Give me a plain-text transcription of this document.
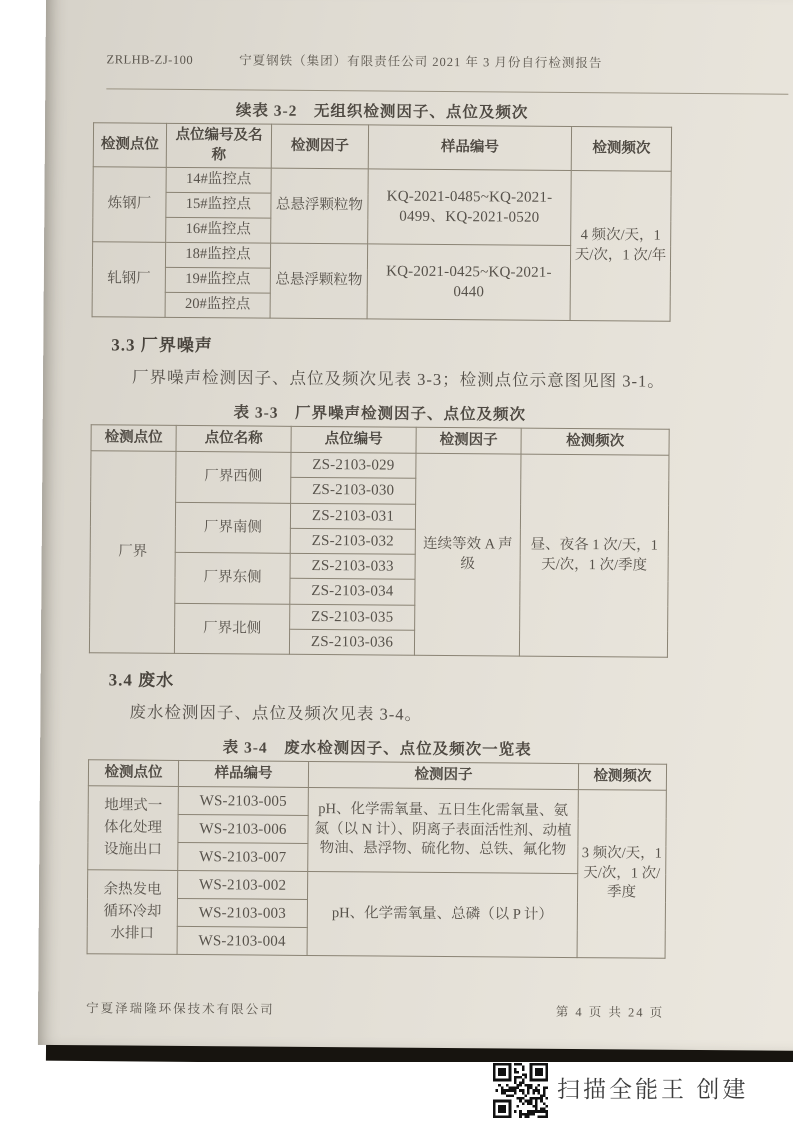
ZRLHB-ZJ-100	宁夏钢铁（集团）有限责任公司 2021 年 3 月份自行检测报告
续表 3-2　无组织检测因子、点位及频次
检测点位	点位编号及名称	检测因子	样品编号	检测频次
炼钢厂	14#监控点	总悬浮颗粒物	KQ-2021-0485~KQ-2021-0499、KQ-2021-0520	4 频次/天，1 天/次，1 次/年
	15#监控点			
	16#监控点			
轧钢厂	18#监控点	总悬浮颗粒物	KQ-2021-0425~KQ-2021-0440	
	19#监控点			
	20#监控点			
3.3 厂界噪声

厂界噪声检测因子、点位及频次见表 3-3；检测点位示意图见图 3-1。

表 3-3　厂界噪声检测因子、点位及频次
检测点位	点位名称	点位编号	检测因子	检测频次
厂界	厂界西侧	ZS-2103-029	连续等效 A 声级	昼、夜各 1 次/天，1 天/次，1 次/季度
		ZS-2103-030		
	厂界南侧	ZS-2103-031		
		ZS-2103-032		
	厂界东侧	ZS-2103-033		
		ZS-2103-034		
	厂界北侧	ZS-2103-035		
		ZS-2103-036		
3.4 废水

废水检测因子、点位及频次见表 3-4。

表 3-4　废水检测因子、点位及频次一览表
检测点位	样品编号	检测因子	检测频次
地埋式一体化处理设施出口	WS-2103-005	pH、化学需氧量、五日生化需氧量、氨氮（以 N 计）、阴离子表面活性剂、动植物油、悬浮物、硫化物、总铁、氟化物	3 频次/天，1 天/次，1 次/季度
	WS-2103-006		
	WS-2103-007		
余热发电循环冷却水排口	WS-2103-002	pH、化学需氧量、总磷（以 P 计）	
	WS-2103-003		
	WS-2103-004		
宁夏泽瑞隆环保技术有限公司	第 4 页 共 24 页
扫描全能王 创建
